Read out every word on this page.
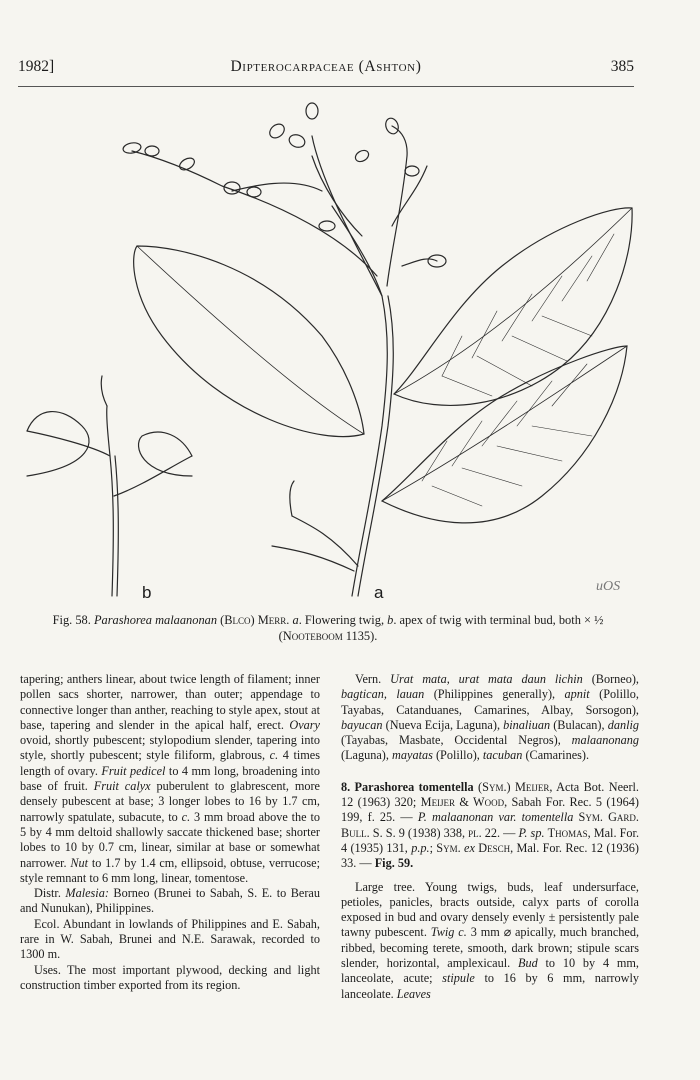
1982]	Dipterocarpaceae (Ashton)	385
b	a	uOS
Fig. 58. Parashorea malaanonan (Blco) Merr. a. Flowering twig, b. apex of twig with terminal bud, both × ½
(Nooteboom 1135).

tapering; anthers linear, about twice length of filament; inner pollen sacs shorter, narrower, than outer; appendage to connective longer than anther, reaching to style apex, stout at base, tapering and slender in the apical half, erect. Ovary ovoid, shortly pubescent; stylopodium slender, tapering into style, shortly pubescent; style filiform, glabrous, c. 4 times length of ovary. Fruit pedicel to 4 mm long, broadening into base of fruit. Fruit calyx puberulent to glabrescent, more densely pubescent at base; 3 longer lobes to 16 by 1.7 cm, narrowly spatulate, subacute, to c. 3 mm broad above the to 5 by 4 mm deltoid shallowly saccate thickened base; shorter lobes to 10 by 0.7 cm, linear, similar at base or somewhat narrower. Nut to 1.7 by 1.4 cm, ellipsoid, obtuse, verrucose; style remnant to 6 mm long, linear, tomentose.

Distr. Malesia: Borneo (Brunei to Sabah, S. E. to Berau and Nunukan), Philippines.

Ecol. Abundant in lowlands of Philippines and E. Sabah, rare in W. Sabah, Brunei and N.E. Sarawak, recorded to 1300 m.

Uses. The most important plywood, decking and light construction timber exported from its region.

Vern. Urat mata, urat mata daun lichin (Borneo), bagtican, lauan (Philippines generally), apnit (Polillo, Tayabas, Catanduanes, Camarines, Albay, Sorsogon), bayucan (Nueva Ecija, Laguna), binaliuan (Bulacan), danlig (Tayabas, Masbate, Occidental Negros), malaanonang (Laguna), mayatas (Polillo), tacuban (Camarines).

8. Parashorea tomentella (Sym.) Meijer, Acta Bot. Neerl. 12 (1963) 320; Meijer & Wood, Sabah For. Rec. 5 (1964) 199, f. 25. — P. malaanonan var. tomentella Sym. Gard. Bull. S. S. 9 (1938) 338, pl. 22. — P. sp. Thomas, Mal. For. 4 (1935) 131, p.p.; Sym. ex Desch, Mal. For. Rec. 12 (1936) 33. — Fig. 59.

Large tree. Young twigs, buds, leaf undersurface, petioles, panicles, bracts outside, calyx parts of corolla exposed in bud and ovary densely evenly ± persistently pale tawny pubescent. Twig c. 3 mm ⌀ apically, much branched, ribbed, becoming terete, smooth, dark brown; stipule scars slender, horizontal, amplexicaul. Bud to 10 by 4 mm, lanceolate, acute; stipule to 16 by 6 mm, narrowly lanceolate. Leaves
